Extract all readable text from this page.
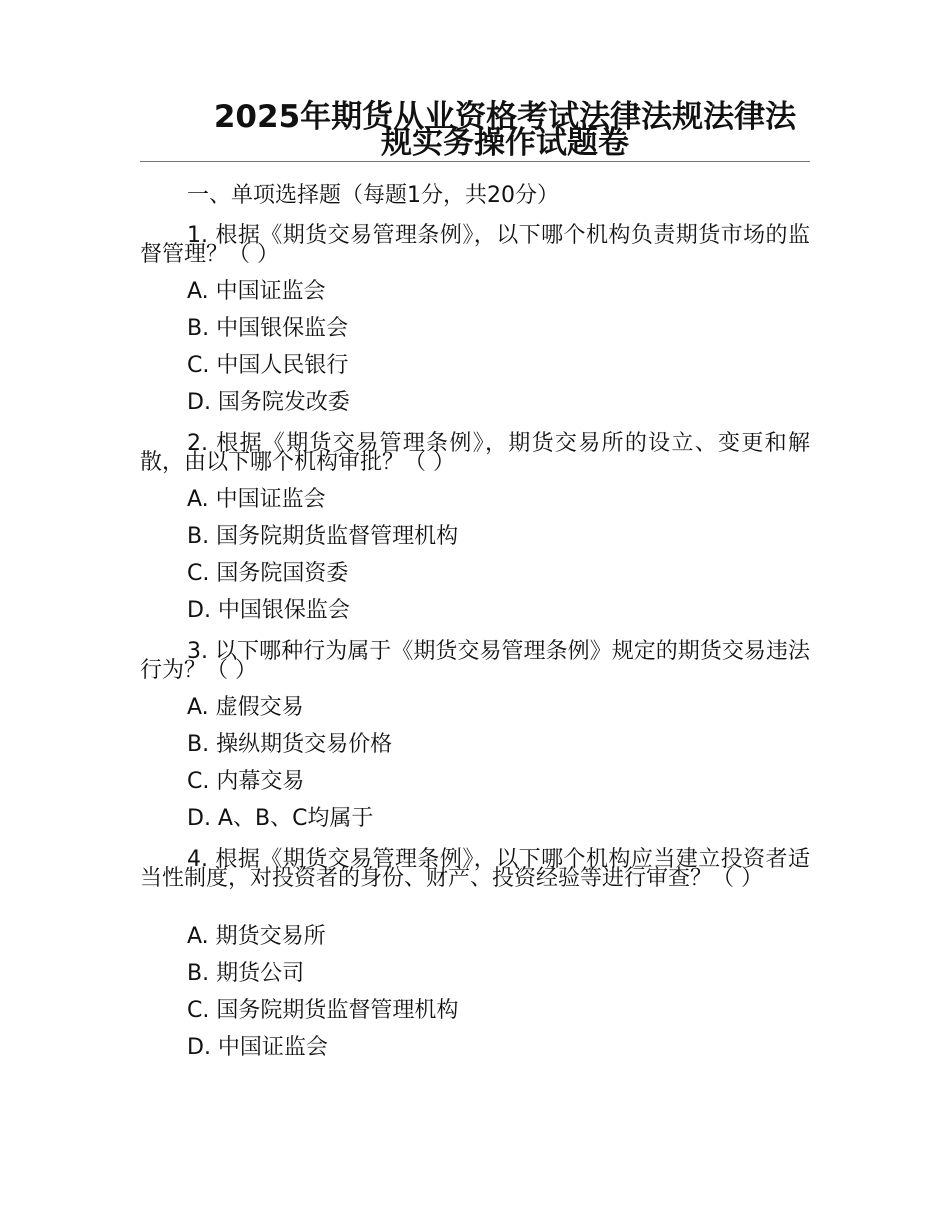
2025年期货从业资格考试法律法规法律法规实务操作试题卷
一、单项选择题（每题1分，共20分）
1. 根据《期货交易管理条例》，以下哪个机构负责期货市场的监督管理？（ ）
A. 中国证监会
B. 中国银保监会
C. 中国人民银行
D. 国务院发改委
2. 根据《期货交易管理条例》，期货交易所的设立、变更和解散，由以下哪个机构审批？（ ）
A. 中国证监会
B. 国务院期货监督管理机构
C. 国务院国资委
D. 中国银保监会
3. 以下哪种行为属于《期货交易管理条例》规定的期货交易违法行为？（ ）
A. 虚假交易
B. 操纵期货交易价格
C. 内幕交易
D. A、B、C均属于
4. 根据《期货交易管理条例》，以下哪个机构应当建立投资者适当性制度，对投资者的身份、财产、投资经验等进行审查？（ ）
A. 期货交易所
B. 期货公司
C. 国务院期货监督管理机构
D. 中国证监会
